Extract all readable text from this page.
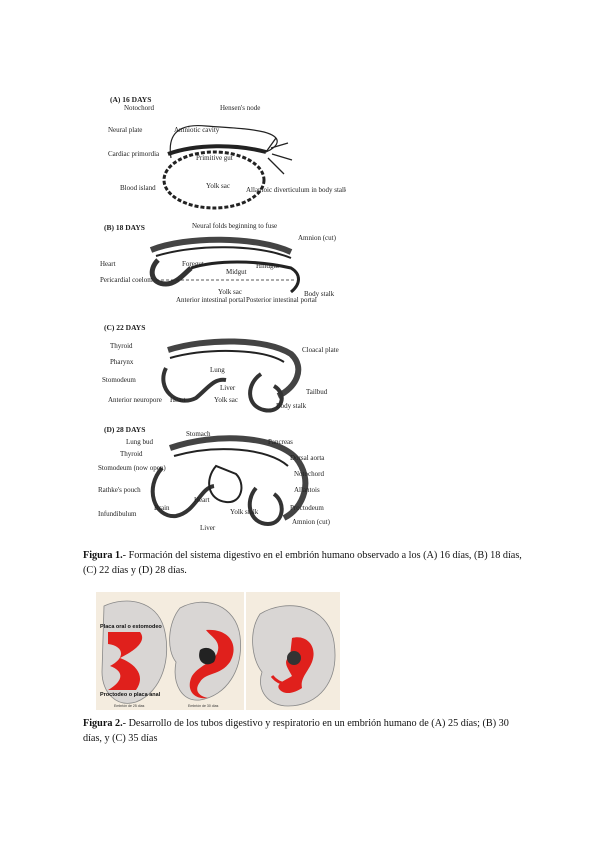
(A) 16 DAYS
Neural plate
Notochord	Hensen's node
Amniotic cavity
Cardiac primordia	Primitive gut
Blood island	Yolk sac Allantoic diverticulum in body stalk
(B) 18 DAYS	Neural folds beginning to fuse
Amnion (cut)
Heart
Pericardial coelom
Foregut
Midgut
Hindgut
Yolk sac
Anterior intestinal portal Posterior intestinal portal
Body stalk
(C) 22 DAYS
Thyroid
Pharynx
Stomodeum
Lung
Liver
Anterior neuropore Heart	Yolk sac
Cloacal plate
Tailbud
Body stalk
(D) 28 DAYS	Stomach
Lung bud
Thyroid
Stomodeum (now open)
Rathke's pouch
Infundibulum
Brain
Heart
Liver
Yolk stalk
Pancreas
Dorsal aorta
Notochord
Allantois
Proctodeum
Amnion (cut)
Figura 1.- Formación del sistema digestivo en el embrión humano observado a los (A) 16 días, (B) 18 días, (C) 22 días y (D) 28 días.
Placa oral o estomodeo
Proctodeo o placa anal
Embrión de 25 días	Embrión de 30 días
Figura 2.- Desarrollo de los tubos digestivo y respiratorio en un embrión humano de (A) 25 días; (B) 30 días, y (C) 35 días
